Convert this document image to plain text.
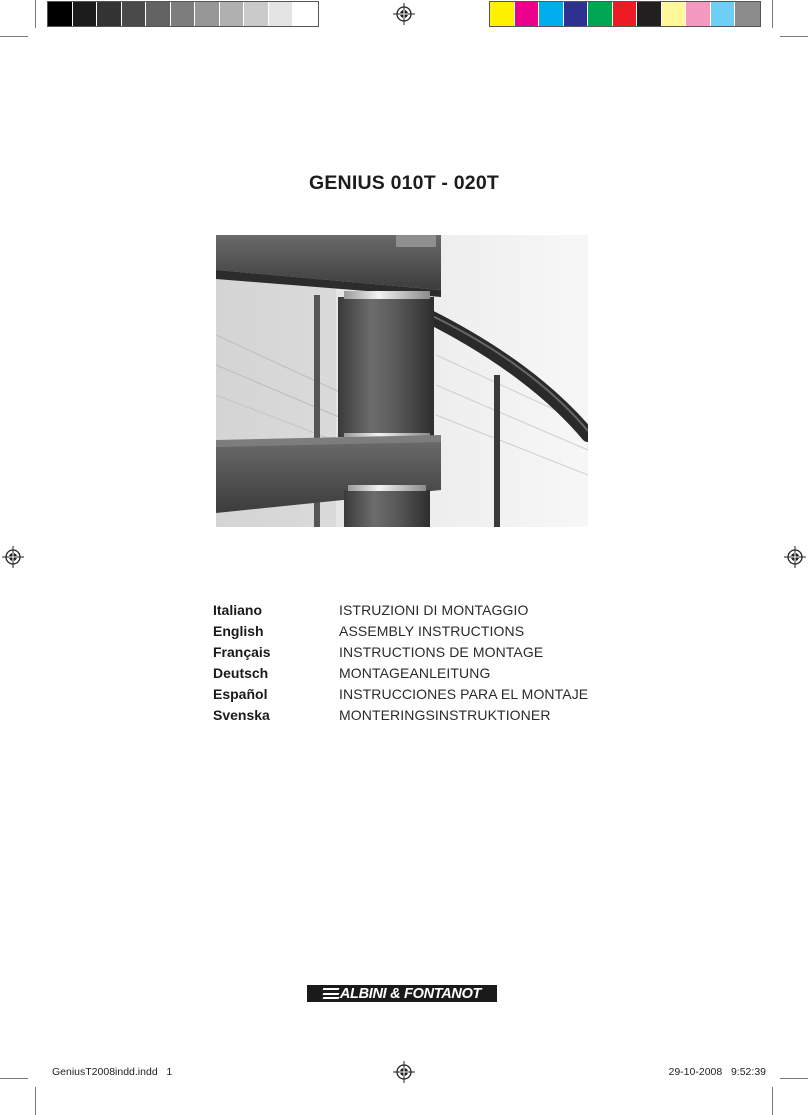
GENIUS 010T - 020T
Italiano	ISTRUZIONI DI MONTAGGIO
English	ASSEMBLY INSTRUCTIONS
Français	INSTRUCTIONS DE MONTAGE
Deutsch	MONTAGEANLEITUNG
Español	INSTRUCCIONES PARA EL MONTAJE
Svenska	MONTERINGSINSTRUKTIONER
ALBINI & FONTANOT
GeniusT2008indd.indd   1	29-10-2008   9:52:39
